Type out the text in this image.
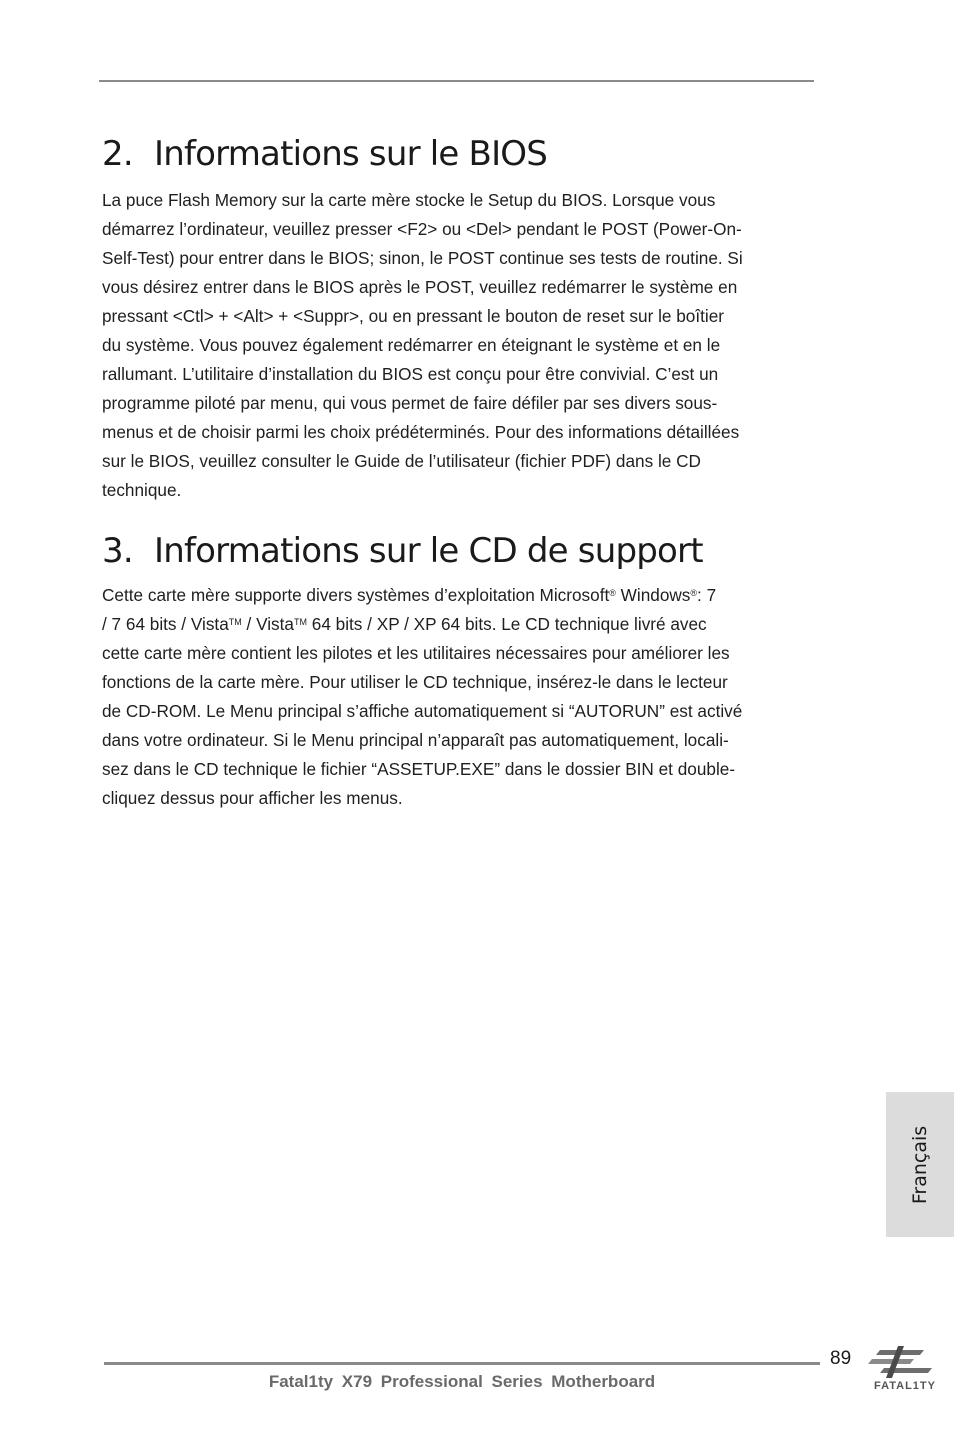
2. Informations sur le BIOS

La puce Flash Memory sur la carte mère stocke le Setup du BIOS. Lorsque vous
démarrez l’ordinateur, veuillez presser <F2> ou <Del> pendant le POST (Power-On-
Self-Test) pour entrer dans le BIOS; sinon, le POST continue ses tests de routine. Si
vous désirez entrer dans le BIOS après le POST, veuillez redémarrer le système en
pressant <Ctl> + <Alt> + <Suppr>, ou en pressant le bouton de reset sur le boîtier
du système. Vous pouvez également redémarrer en éteignant le système et en le
rallumant. L’utilitaire d’installation du BIOS est conçu pour être convivial. C’est un
programme piloté par menu, qui vous permet de faire défiler par ses divers sous-
menus et de choisir parmi les choix prédéterminés. Pour des informations détaillées
sur le BIOS, veuillez consulter le Guide de l’utilisateur (fichier PDF) dans le CD
technique.

3. Informations sur le CD de support

Cette carte mère supporte divers systèmes d’exploitation Microsoft® Windows®: 7
/ 7 64 bits / Vista™ / Vista™ 64 bits / XP / XP 64 bits. Le CD technique livré avec
cette carte mère contient les pilotes et les utilitaires nécessaires pour améliorer les
fonctions de la carte mère. Pour utiliser le CD technique, insérez-le dans le lecteur
de CD-ROM. Le Menu principal s’affiche automatiquement si “AUTORUN” est activé
dans votre ordinateur. Si le Menu principal n’apparaît pas automatiquement, locali-
sez dans le CD technique le fichier “ASSETUP.EXE” dans le dossier BIN et double-
cliquez dessus pour afficher les menus.

Français
89
Fatal1ty X79 Professional Series Motherboard	FATAL1TY
